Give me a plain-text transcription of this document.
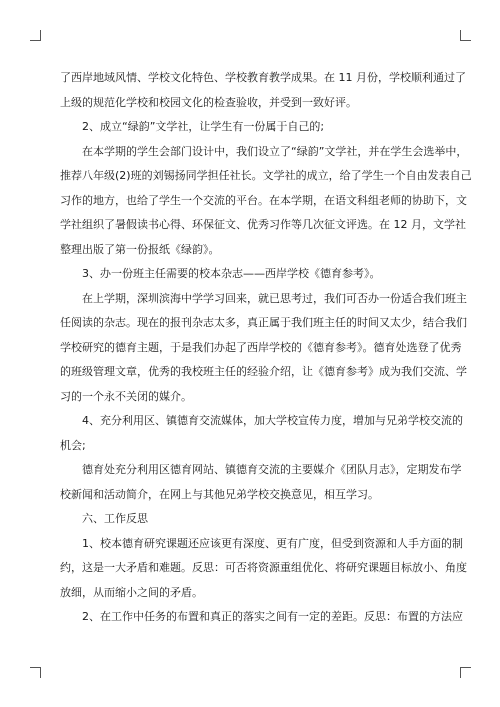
了西岸地域风情、学校文化特色、学校教育教学成果。在 11 月份，学校顺利通过了
上级的规范化学校和校园文化的检查验收，并受到一致好评。
2、成立“绿韵”文学社，让学生有一份属于自己的;
在本学期的学生会部门设计中，我们设立了“绿韵”文学社，并在学生会选举中，
推荐八年级(2)班的刘锡扬同学担任社长。文学社的成立，给了学生一个自由发表自己
习作的地方，也给了学生一个交流的平台。在本学期，在语文科组老师的协助下，文
学社组织了暑假读书心得、环保征文、优秀习作等几次征文评选。在 12 月，文学社
整理出版了第一份报纸《绿韵》。
3、办一份班主任需要的校本杂志——西岸学校《德育参考》。
在上学期，深圳滨海中学学习回来，就已思考过，我们可否办一份适合我们班主
任阅读的杂志。现在的报刊杂志太多，真正属于我们班主任的时间又太少，结合我们
学校研究的德育主题，于是我们办起了西岸学校的《德育参考》。德育处选登了优秀
的班级管理文章，优秀的我校班主任的经验介绍，让《德育参考》成为我们交流、学
习的一个永不关闭的媒介。
4、充分利用区、镇德育交流媒体，加大学校宣传力度，增加与兄弟学校交流的
机会;
德育处充分利用区德育网站、镇德育交流的主要媒介《团队月志》，定期发布学
校新闻和活动简介，在网上与其他兄弟学校交换意见，相互学习。
六、工作反思
1、校本德育研究课题还应该更有深度、更有广度，但受到资源和人手方面的制
约，这是一大矛盾和难题。反思：可否将资源重组优化、将研究课题目标放小、角度
放细，从而缩小之间的矛盾。
2、在工作中任务的布置和真正的落实之间有一定的差距。反思：布置的方法应
